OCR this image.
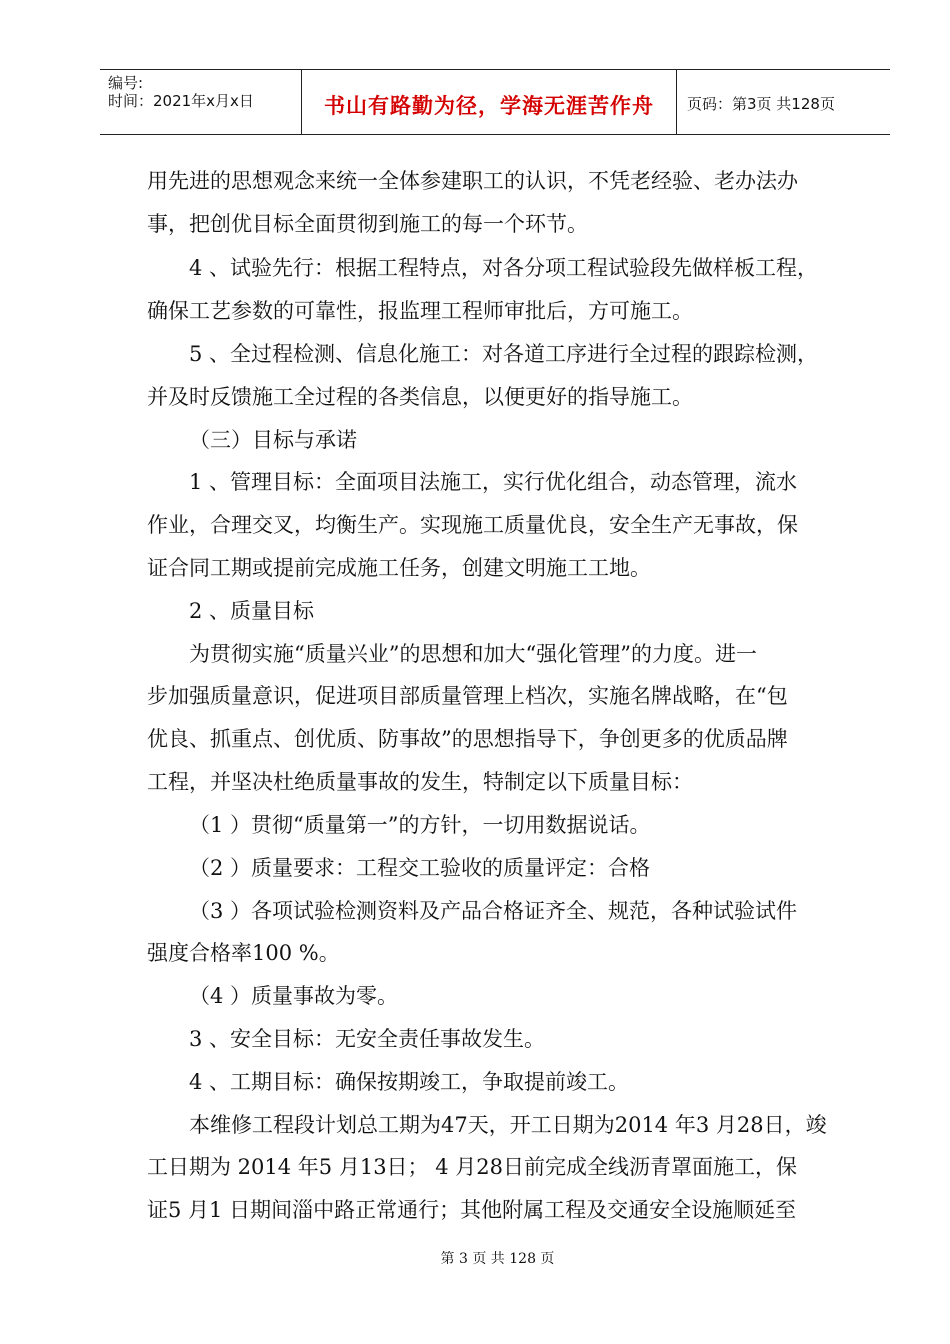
编号:
时间：2021年x月x日	书山有路勤为径，学海无涯苦作舟	页码：第3页 共128页
用先进的思想观念来统一全体参建职工的认识，不凭老经验、老办法办
事，把创优目标全面贯彻到施工的每一个环节。
4 、试验先行：根据工程特点，对各分项工程试验段先做样板工程，
确保工艺参数的可靠性，报监理工程师审批后，方可施工。
5 、全过程检测、信息化施工：对各道工序进行全过程的跟踪检测，
并及时反馈施工全过程的各类信息，以便更好的指导施工。
（三）目标与承诺
1 、管理目标：全面项目法施工，实行优化组合，动态管理，流水
作业，合理交叉，均衡生产。实现施工质量优良，安全生产无事故，保
证合同工期或提前完成施工任务，创建文明施工工地。
2 、质量目标
为贯彻实施“质量兴业”的思想和加大“强化管理”的力度。进一
步加强质量意识，促进项目部质量管理上档次，实施名牌战略，在“包
优良、抓重点、创优质、防事故”的思想指导下，争创更多的优质品牌
工程，并坚决杜绝质量事故的发生，特制定以下质量目标：
（1 ）贯彻“质量第一”的方针，一切用数据说话。
（2 ）质量要求：工程交工验收的质量评定：合格
（3 ）各项试验检测资料及产品合格证齐全、规范，各种试验试件
强度合格率100 %。
（4 ）质量事故为零。
3 、安全目标：无安全责任事故发生。
4 、工期目标：确保按期竣工，争取提前竣工。
本维修工程段计划总工期为47天，开工日期为2014 年3 月28日，竣
工日期为 2014 年5 月13日； 4 月28日前完成全线沥青罩面施工，保
证5 月1 日期间淄中路正常通行；其他附属工程及交通安全设施顺延至
第 3 页 共 128 页
